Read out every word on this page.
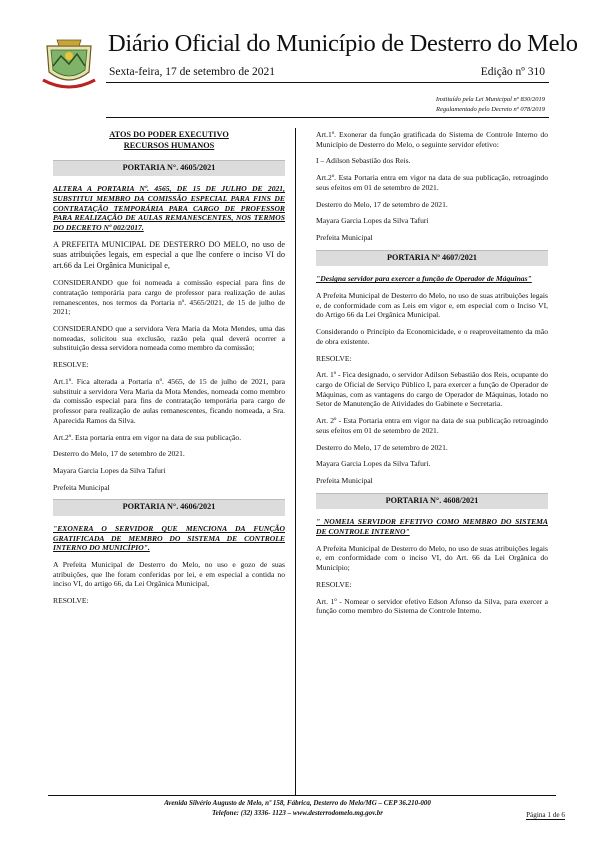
Diário Oficial do Município de Desterro do Melo
Sexta-feira, 17 de setembro de 2021	Edição nº 310
Instituído pela Lei Municipal nº 830/2019
Regulamentado pelo Decreto nº 078/2019
ATOS DO PODER EXECUTIVO
RECURSOS HUMANOS
PORTARIA N°. 4605/2021

ALTERA A PORTARIA Nº. 4565, DE 15 DE JULHO DE 2021, SUBSTITUI MEMBRO DA COMISSÃO ESPECIAL PARA FINS DE CONTRATAÇÃO TEMPORÁRIA PARA CARGO DE PROFESSOR PARA REALIZAÇÃO DE AULAS REMANESCENTES, NOS TERMOS DO DECRETO Nº 002/2017.

A PREFEITA MUNICIPAL DE DESTERRO DO MELO, no uso de suas atribuições legais, em especial a que lhe confere o inciso VI do art.66 da Lei Orgânica Municipal e,

CONSIDERANDO que foi nomeada a comissão especial para fins de contratação temporária para cargo de professor para realização de aulas remanescentes, nos termos da Portaria nº. 4565/2021, de 15 de julho de 2021;

CONSIDERANDO que a servidora Vera Maria da Mota Mendes, uma das nomeadas, solicitou sua exclusão, razão pela qual deverá ocorrer a substituição dessa servidora nomeada como membro da comissão;

RESOLVE:

Art.1º. Fica alterada a Portaria nº. 4565, de 15 de julho de 2021, para substituir a servidora Vera Maria da Mota Mendes, nomeada como membro da comissão especial para fins de contratação temporária para cargo de professor para realização de aulas remanescentes, ficando nomeada, a Sra. Aparecida Ramos da Silva.

Art.2º. Esta portaria entra em vigor na data de sua publicação.

Desterro do Melo, 17 de setembro de 2021.

Mayara Garcia Lopes da Silva Tafuri

Prefeita Municipal

PORTARIA N°. 4606/2021

"EXONERA O SERVIDOR QUE MENCIONA DA FUNÇÃO GRATIFICADA DE MEMBRO DO SISTEMA DE CONTROLE INTERNO DO MUNICÍPIO".

A Prefeita Municipal de Desterro do Melo, no uso e gozo de suas atribuições, que lhe foram conferidas por lei, e em especial a contida no inciso VI, do artigo 66, da Lei Orgânica Municipal,

RESOLVE:

Art.1º. Exonerar da função gratificada do Sistema de Controle Interno do Município de Desterro do Melo, o seguinte servidor efetivo:

I – Adilson Sebastião dos Reis.

Art.2º. Esta Portaria entra em vigor na data de sua publicação, retroagindo seus efeitos em 01 de setembro de 2021.

Desterro do Melo, 17 de setembro de 2021.

Mayara Garcia Lopes da Silva Tafuri

Prefeita Municipal

PORTARIA Nº 4607/2021

"Designa servidor para exercer a função de Operador de Máquinas"

A Prefeita Municipal de Desterro do Melo, no uso de suas atribuições legais e, de conformidade com as Leis em vigor e, em especial com o Inciso VI, do Artigo 66 da Lei Orgânica Municipal.

Considerando o Princípio da Economicidade, e o reaproveitamento da mão de obra existente.

RESOLVE:

Art. 1º - Fica designado, o servidor Adilson Sebastião dos Reis, ocupante do cargo de Oficial de Serviço Público I, para exercer a função de Operador de Máquinas, com as vantagens do cargo de Operador de Máquinas, lotado no Setor de Manutenção de Atividades do Gabinete e Secretaria.

Art. 2º - Esta Portaria entra em vigor na data de sua publicação retroagindo seus efeitos em 01 de setembro de 2021.

Desterro do Melo, 17 de setembro de 2021.

Mayara Garcia Lopes da Silva Tafuri.

Prefeita Municipal

PORTARIA N°. 4608/2021

" NOMEIA SERVIDOR EFETIVO COMO MEMBRO DO SISTEMA DE CONTROLE INTERNO"

A Prefeita Municipal de Desterro do Melo, no uso de suas atribuições legais e, em conformidade com o inciso VI, do Art. 66 da Lei Orgânica do Município;

RESOLVE:

Art. 1º - Nomear o servidor efetivo Edson Afonso da Silva, para exercer a função como membro do Sistema de Controle Interno.

Avenida Silvério Augusto de Melo, nº 158, Fábrica, Desterro do Melo/MG – CEP 36.210-000
Telefone: (32) 3336- 1123 – www.desterrodomelo.mg.gov.br	Página 1 de 6
